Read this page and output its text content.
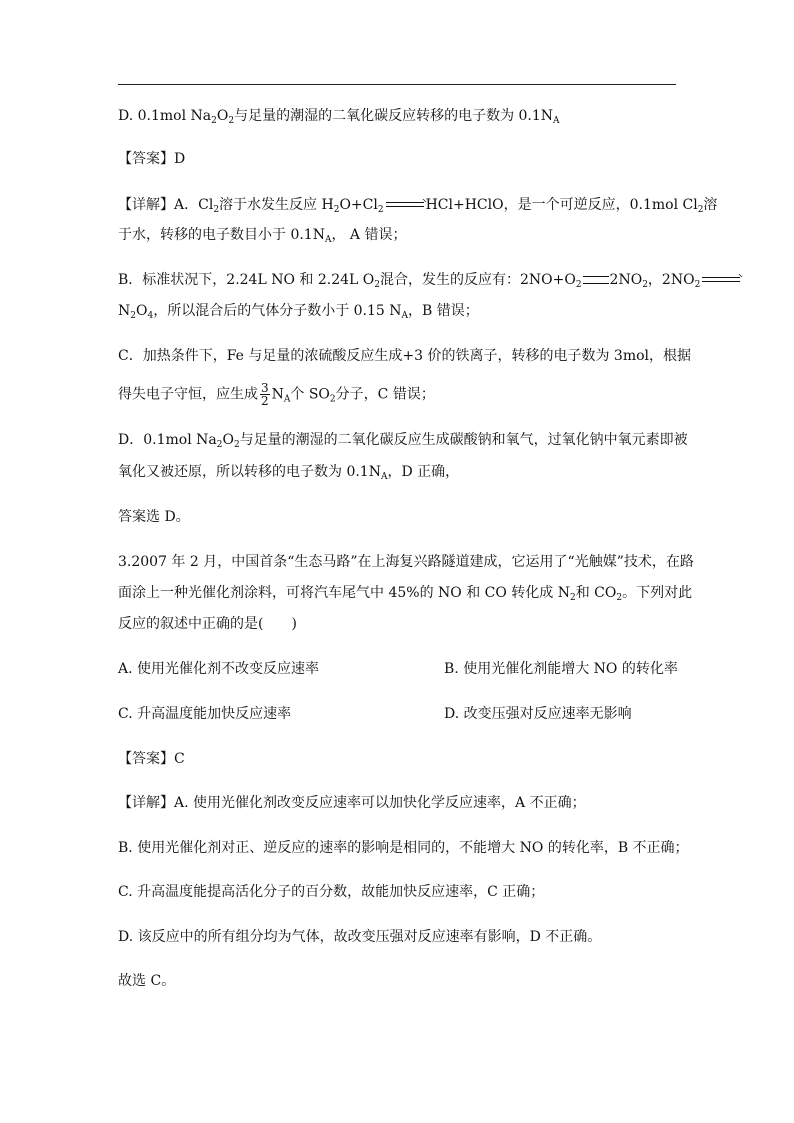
D. 0.1mol $Na_2O_2$与足量的潮湿的二氧化碳反应转移的电子数为 $0.1N_A$
【答案】D
【详解】A．$Cl_2$溶于水发生反应 $H_2O+Cl_2$	HCl+HClO，是一个可逆反应，0.1mol $Cl_2$溶
于水，转移的电子数目小于 $0.1N_A$， A 错误；
B．标准状况下，2.24L NO 和 2.24L $O_2$混合，发生的反应有：$2NO+O_2$ $2NO_2$，$2NO_2$
$N_2O_4$，所以混合后的气体分子数小于 0.15 $N_A$，B 错误；
C．加热条件下，Fe 与足量的浓硫酸反应生成+3 价的铁离子，转移的电子数为 3mol，根据
得失电子守恒，应生成 $\frac{3}{2} N_A$个 $SO_2$分子，C 错误；
D．0.1mol $Na_2O_2$与足量的潮湿的二氧化碳反应生成碳酸钠和氧气，过氧化钠中氧元素即被
氧化又被还原，所以转移的电子数为 $0.1N_A$，D 正确，
答案选 D。
3.2007 年 2 月，中国首条“生态马路”在上海复兴路隧道建成，它运用了“光触媒”技术，在路
面涂上一种光催化剂涂料，可将汽车尾气中 45%的 NO 和 CO 转化成 $N_2$和 $CO_2$。下列对此
反应的叙述中正确的是(　　)
A. 使用光催化剂不改变反应速率	B. 使用光催化剂能增大 NO 的转化率
C. 升高温度能加快反应速率	D. 改变压强对反应速率无影响
【答案】C
【详解】A. 使用光催化剂改变反应速率可以加快化学反应速率，A 不正确；
B. 使用光催化剂对正、逆反应的速率的影响是相同的，不能增大 NO 的转化率，B 不正确；
C. 升高温度能提高活化分子的百分数，故能加快反应速率，C 正确；
D. 该反应中的所有组分均为气体，故改变压强对反应速率有影响，D 不正确。
故选 C。
